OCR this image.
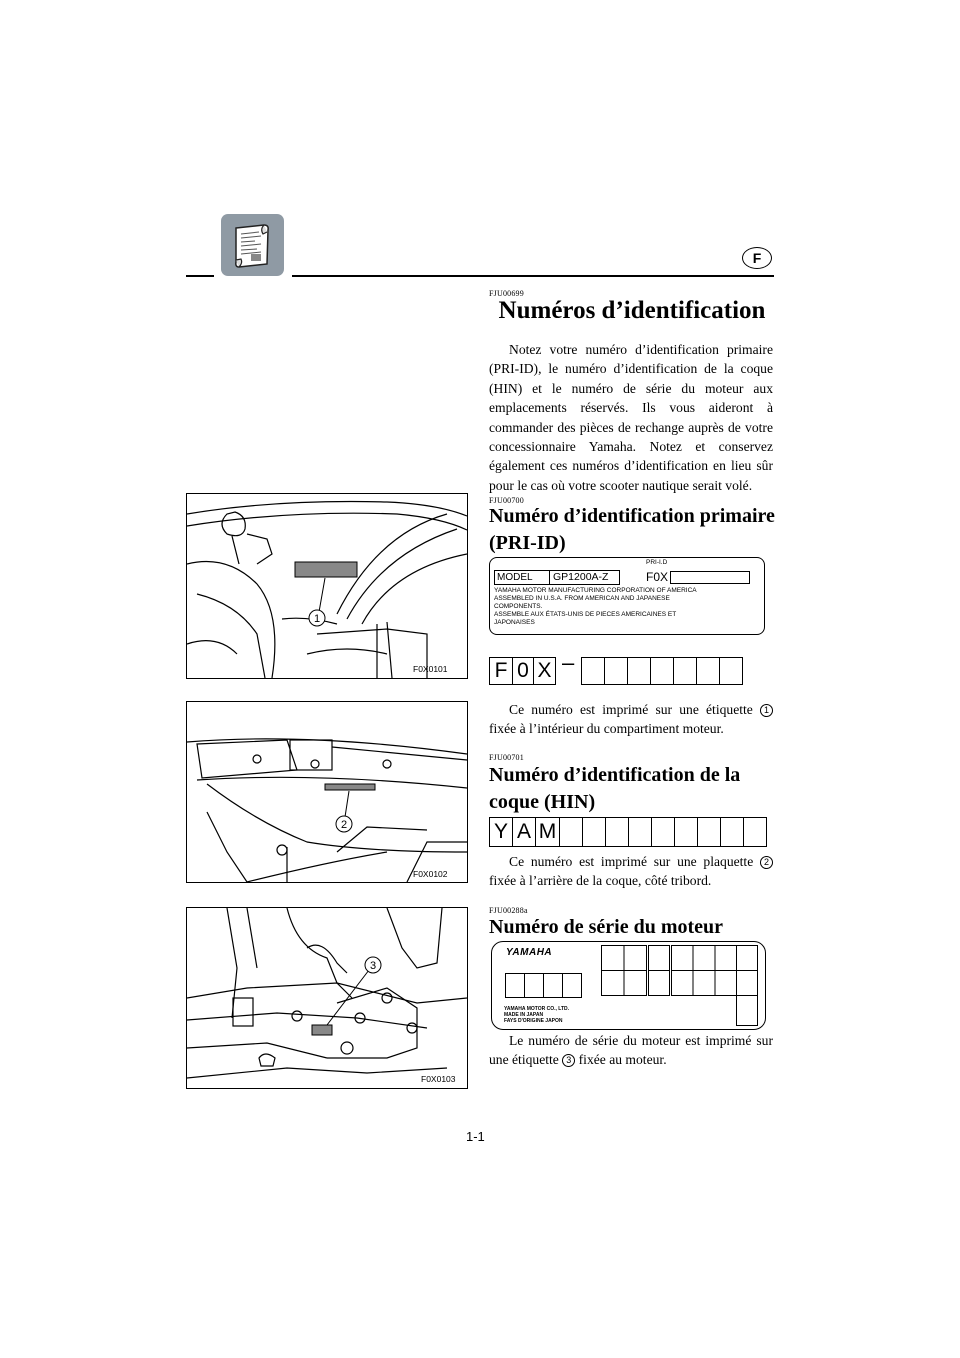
F
FJU00699
Numéros d’identification

Notez votre numéro d’identification primaire (PRI-ID), le numéro d’identification de la coque (HIN) et le numéro de série du moteur aux emplacements réservés. Ils vous aideront à commander des pièces de rechange auprès de votre concessionnaire Yamaha. Notez et conservez également ces numéros d’identification en lieu sûr pour le cas où votre scooter nautique serait volé.

FJU00700
Numéro d’identification primaire
(PRI-ID)
PRI-I.D
MODEL	GP1200A-Z	F0X
YAMAHA MOTOR MANUFACTURING CORPORATION OF AMERICA
ASSEMBLED IN U.S.A. FROM AMERICAN AND JAPANESE
COMPONENTS.
ASSEMBLE AUX ÉTATS-UNIS DE PIECES AMERICAINES ET
JAPONAISES
F 0 X –

Ce numéro est imprimé sur une étiquette 1 fixée à l’intérieur du compartiment moteur.

FJU00701
Numéro d’identification de la
coque (HIN)
Y A M

Ce numéro est imprimé sur une plaquette 2 fixée à l’arrière de la coque, côté tribord.

FJU00288a
Numéro de série du moteur
YAMAHA
YAMAHA MOTOR CO., LTD.
MADE IN JAPAN
FAYS D'ORIGINE JAPON

Le numéro de série du moteur est imprimé sur une étiquette 3 fixée au moteur.

1
F0X0101
2
F0X0102
3
F0X0103
1-1
